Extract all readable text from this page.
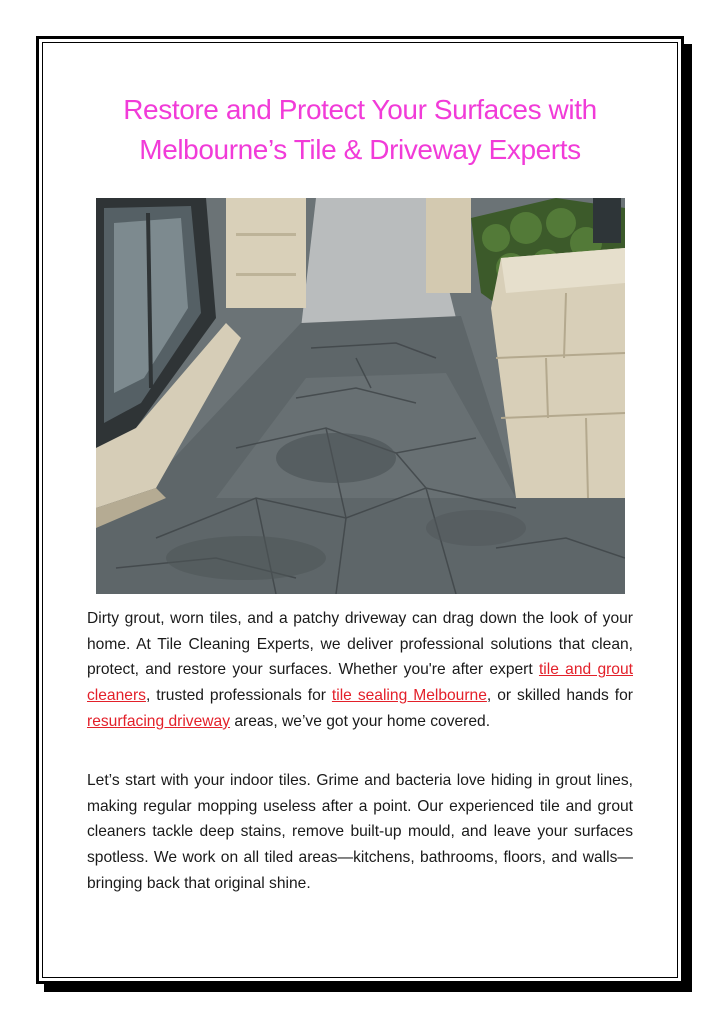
Restore and Protect Your Surfaces with
Melbourne’s Tile & Driveway Experts
Dirty grout, worn tiles, and a patchy driveway can drag down the look of your home. At Tile Cleaning Experts, we deliver professional solutions that clean, protect, and restore your surfaces. Whether you're after expert tile and grout cleaners, trusted professionals for tile sealing Melbourne, or skilled hands for resurfacing driveway areas, we’ve got your home covered.
Let’s start with your indoor tiles. Grime and bacteria love hiding in grout lines, making regular mopping useless after a point. Our experienced tile and grout cleaners tackle deep stains, remove built-up mould, and leave your surfaces spotless. We work on all tiled areas—kitchens, bathrooms, floors, and walls—bringing back that original shine.
